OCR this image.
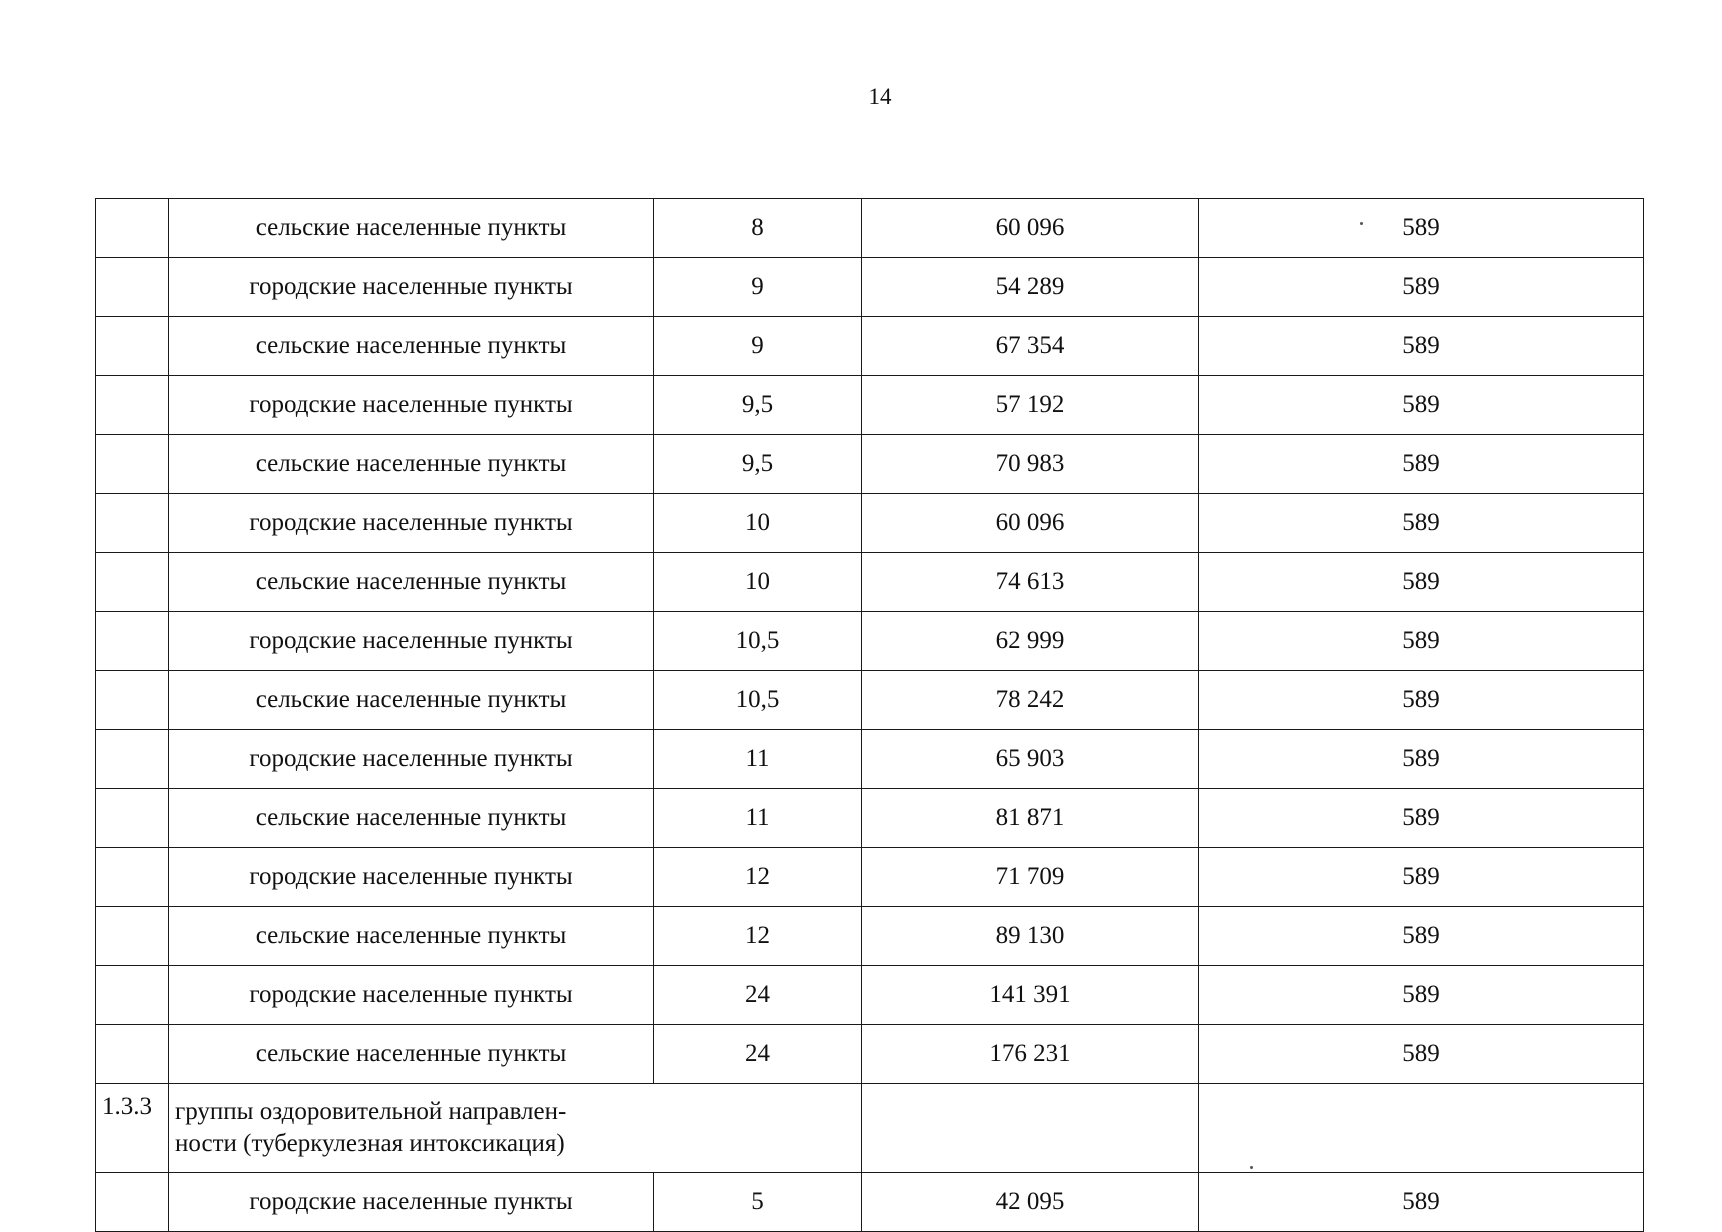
14
	сельские населенные пункты	8	60 096	589
	городские населенные пункты	9	54 289	589
	сельские населенные пункты	9	67 354	589
	городские населенные пункты	9,5	57 192	589
	сельские населенные пункты	9,5	70 983	589
	городские населенные пункты	10	60 096	589
	сельские населенные пункты	10	74 613	589
	городские населенные пункты	10,5	62 999	589
	сельские населенные пункты	10,5	78 242	589
	городские населенные пункты	11	65 903	589
	сельские населенные пункты	11	81 871	589
	городские населенные пункты	12	71 709	589
	сельские населенные пункты	12	89 130	589
	городские населенные пункты	24	141 391	589
	сельские населенные пункты	24	176 231	589
1.3.3	группы оздоровительной направлен-
ности (туберкулезная интоксикация)			

	городские населенные пункты	5	42 095	589
